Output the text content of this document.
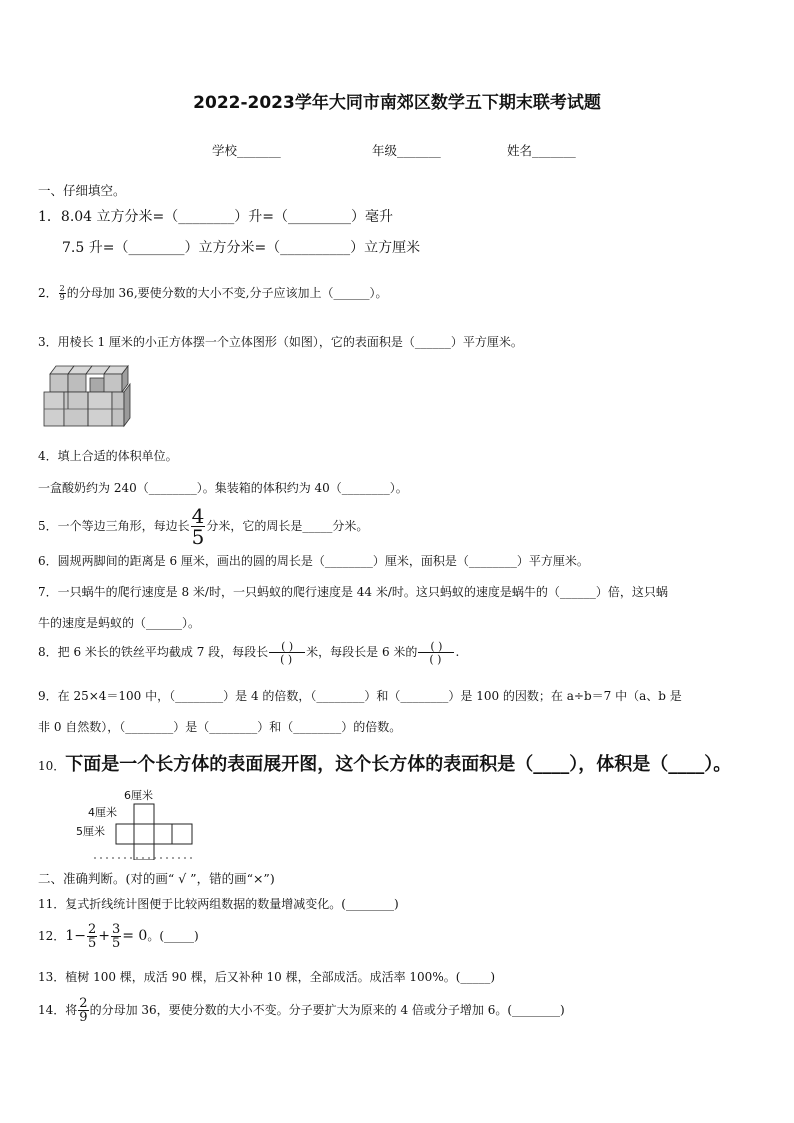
2022-2023学年大同市南郊区数学五下期末联考试题
学校_______	年级_______	姓名_______
一、仔细填空。
1．8.04 立方分米=（________）升=（_________）毫升
7.5 升=（________）立方分米=（__________）立方厘米
2． $\frac{2}{9}$ 的分母加 36,要使分数的大小不变,分子应该加上（______）。
3．用棱长 1 厘米的小正方体摆一个立体图形（如图），它的表面积是（______）平方厘米。
4．填上合适的体积单位。
一盒酸奶约为 240（________）。集装箱的体积约为 40（________）。
5．一个等边三角形，每边长 $\frac{4}{5}$ 分米，它的周长是_____分米。
6．圆规两脚间的距离是 6 厘米，画出的圆的周长是（________）厘米，面积是（________）平方厘米。
7．一只蜗牛的爬行速度是 8 米/时，一只蚂蚁的爬行速度是 44 米/时。这只蚂蚁的速度是蜗牛的（______）倍，这只蜗
牛的速度是蚂蚁的（______）。
8．把 6 米长的铁丝平均截成 7 段，每段长 $\frac{( )}{( )}$ 米，每段长是 6 米的 $\frac{( )}{( )}$ .
9．在 25×4＝100 中，（________）是 4 的倍数，（________）和（________）是 100 的因数；在 a÷b＝7 中（a、b 是
非 0 自然数），（________）是（________）和（________）的倍数。
10．下面是一个长方体的表面展开图，这个长方体的表面积是（____），体积是（____）。
6厘米
4厘米
5厘米
二、准确判断。(对的画“ √ ”，错的画“×”)
11．复式折线统计图便于比较两组数据的数量增减变化。(________)
12．$1- \frac{2}{5} + \frac{3}{5} = 0$。(_____)
13．植树 100 棵，成活 90 棵，后又补种 10 棵，全部成活。成活率 100%。(_____)
14．将 $\frac{2}{9}$ 的分母加 36，要使分数的大小不变。分子要扩大为原来的 4 倍或分子增加 6。(________)
